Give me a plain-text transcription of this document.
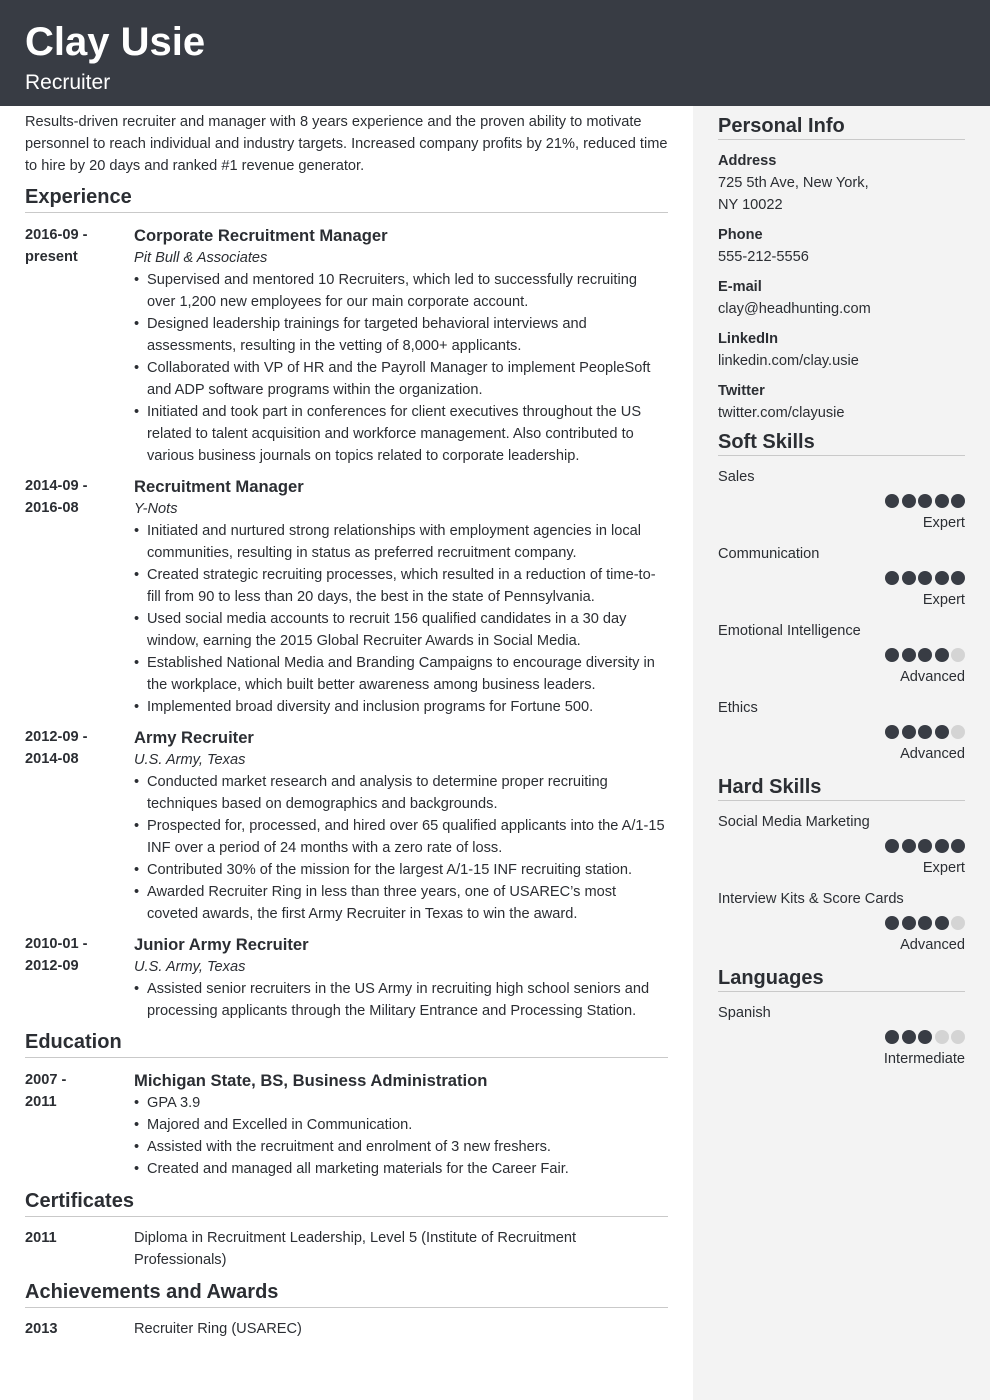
Clay Usie
Recruiter
Results-driven recruiter and manager with 8 years experience and the proven ability to motivate personnel to reach individual and industry targets. Increased company profits by 21%, reduced time to hire by 20 days and ranked #1 revenue generator.
Experience
2016-09 -
present
Corporate Recruitment Manager
Pit Bull & Associates
• Supervised and mentored 10 Recruiters, which led to successfully recruiting over 1,200 new employees for our main corporate account.
• Designed leadership trainings for targeted behavioral interviews and assessments, resulting in the vetting of 8,000+ applicants.
• Collaborated with VP of HR and the Payroll Manager to implement PeopleSoft and ADP software programs within the organization.
• Initiated and took part in conferences for client executives throughout the US related to talent acquisition and workforce management. Also contributed to various business journals on topics related to corporate leadership.
2014-09 -
2016-08
Recruitment Manager
Y-Nots
• Initiated and nurtured strong relationships with employment agencies in local communities, resulting in status as preferred recruitment company.
• Created strategic recruiting processes, which resulted in a reduction of time-to-fill from 90 to less than 20 days, the best in the state of Pennsylvania.
• Used social media accounts to recruit 156 qualified candidates in a 30 day window, earning the 2015 Global Recruiter Awards in Social Media.
• Established National Media and Branding Campaigns to encourage diversity in the workplace, which built better awareness among business leaders.
• Implemented broad diversity and inclusion programs for Fortune 500.
2012-09 -
2014-08
Army Recruiter
U.S. Army, Texas
• Conducted market research and analysis to determine proper recruiting techniques based on demographics and backgrounds.
• Prospected for, processed, and hired over 65 qualified applicants into the A/1-15 INF over a period of 24 months with a zero rate of loss.
• Contributed 30% of the mission for the largest A/1-15 INF recruiting station.
• Awarded Recruiter Ring in less than three years, one of USAREC’s most coveted awards, the first Army Recruiter in Texas to win the award.
2010-01 -
2012-09
Junior Army Recruiter
U.S. Army, Texas
• Assisted senior recruiters in the US Army in recruiting high school seniors and processing applicants through the Military Entrance and Processing Station.
Education
2007 -
2011
Michigan State, BS, Business Administration
• GPA 3.9
• Majored and Excelled in Communication.
• Assisted with the recruitment and enrolment of 3 new freshers.
• Created and managed all marketing materials for the Career Fair.
Certificates
2011	Diploma in Recruitment Leadership, Level 5 (Institute of Recruitment Professionals)
Achievements and Awards
2013	Recruiter Ring (USAREC)
Personal Info
Address
725 5th Ave, New York,
NY 10022
Phone
555-212-5556
E-mail
clay@headhunting.com
LinkedIn
linkedin.com/clay.usie
Twitter
twitter.com/clayusie
Soft Skills
Sales
Expert
Communication
Expert
Emotional Intelligence
Advanced
Ethics
Advanced
Hard Skills
Social Media Marketing
Expert
Interview Kits & Score Cards
Advanced
Languages
Spanish
Intermediate
